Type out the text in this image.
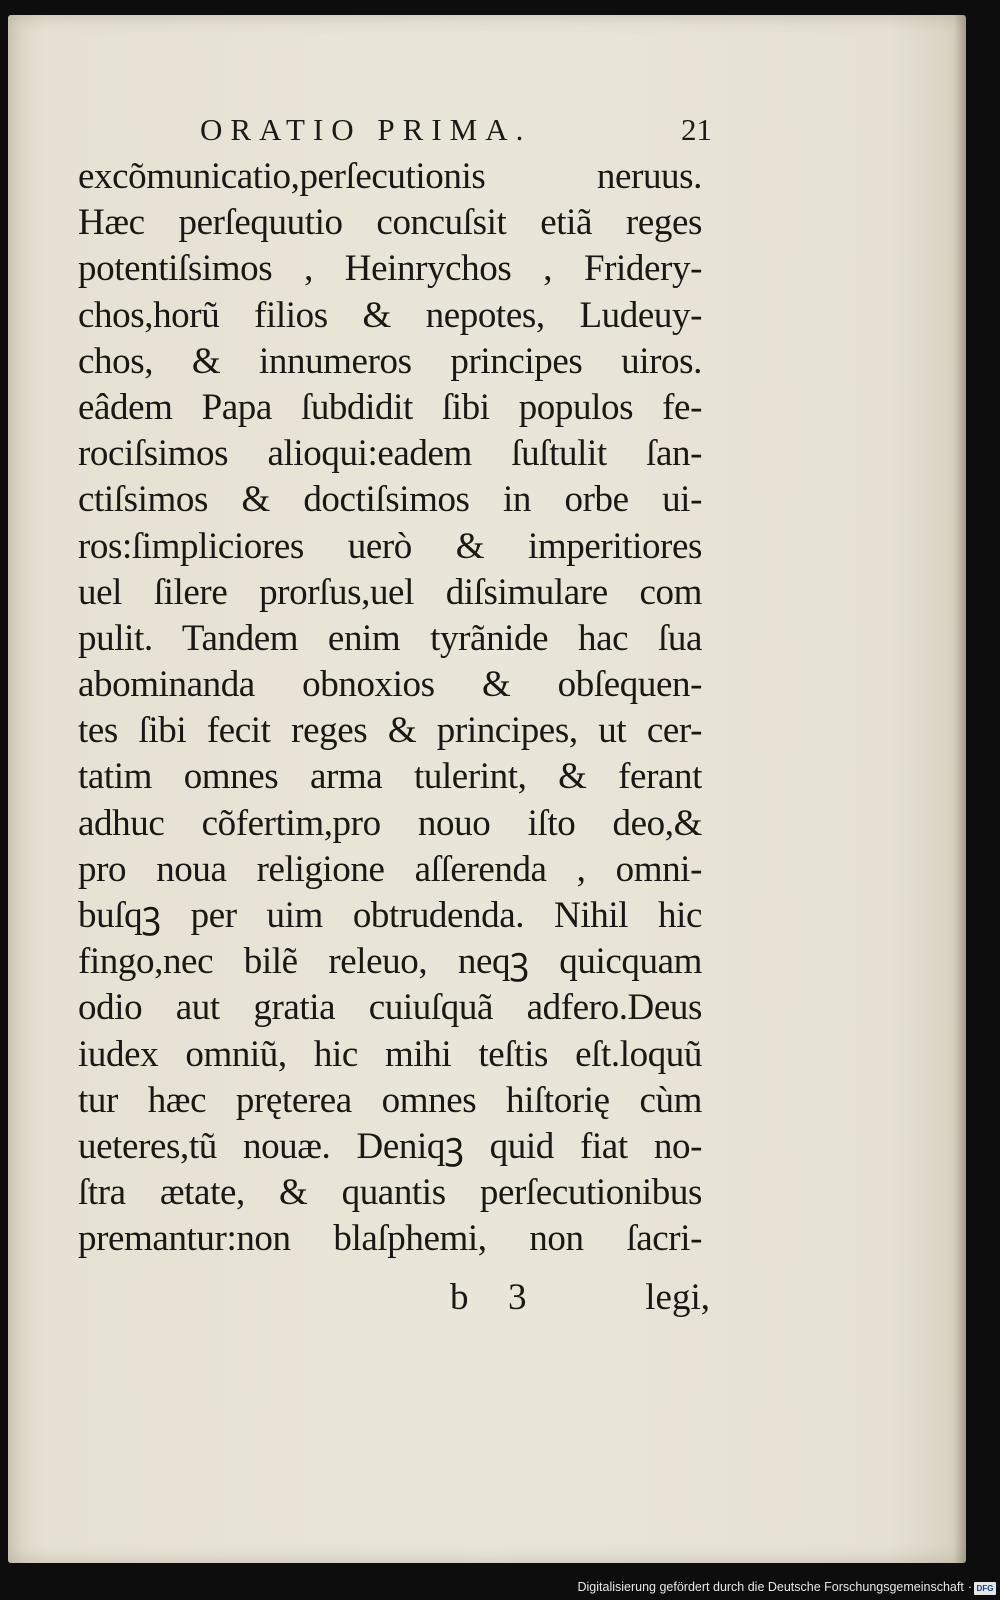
ORATIO PRIMA.	21
excõmunicatio,perſecutionis neruus.
Hæc perſequutio concuſsit etiã reges
potentiſsimos , Heinrychos , Fridery-
chos,horũ filios & nepotes, Ludeuy-
chos, & innumeros principes uiros.
eâdem Papa ſubdidit ſibi populos fe-
rociſsimos alioqui:eadem ſuſtulit ſan-
ctiſsimos & doctiſsimos in orbe ui-
ros:ſimpliciores uerò & imperitiores
uel ſilere prorſus,uel diſsimulare com
pulit. Tandem enim tyrãnide hac ſua
abominanda obnoxios & obſequen-
tes ſibi fecit reges & principes, ut cer-
tatim omnes arma tulerint, & ferant
adhuc cõfertim,pro nouo iſto deo,&
pro noua religione aſſerenda , omni-
buſqꝫ per uim obtrudenda. Nihil hic
fingo,nec bilẽ releuo, neqꝫ quicquam
odio aut gratia cuiuſquã adfero.Deus
iudex omniũ, hic mihi teſtis eſt.loquũ
tur hæc pręterea omnes hiſtorię cùm
ueteres,tũ nouæ. Deniqꝫ quid fiat no-
ſtra ætate, & quantis perſecutionibus
premantur:non blaſphemi, non ſacri-
b 3	legi,
Digitalisierung gefördert durch die Deutsche Forschungsgemeinschaft · DFG
